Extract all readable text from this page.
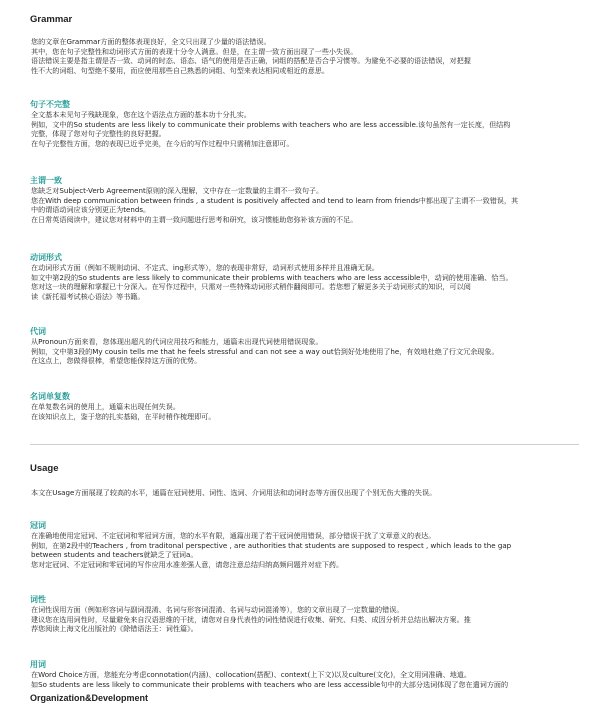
Grammar
您的文章在Grammar方面的整体表现良好，全文只出现了少量的语法错误。
其中，您在句子完整性和动词形式方面的表现十分令人满意。但是，在主谓一致方面出现了一些小失误。
语法错误主要是指主谓是否一致、动词的时态、语态、语气的使用是否正确，词组的搭配是否合乎习惯等。为避免不必要的语法错误，对把握
性不大的词组、句型绝不要用，而应使用那些自己熟悉的词组、句型来表达相同或相近的意思。
句子不完整
全文基本未见句子残缺现象，您在这个语法点方面的基本功十分扎实。
例如，文中的So students are less likely to communicate their problems with teachers who are less accessible.该句虽然有一定长度，但结构
完整，体现了您对句子完整性的良好把握。
在句子完整性方面，您的表现已近乎完美，在今后的写作过程中只需稍加注意即可。
主谓一致
您缺乏对Subject-Verb Agreement原则的深入理解，文中存在一定数量的主谓不一致句子。
您在With deep communication between frinds , a student is positively affected and tend to learn from friends中都出现了主谓不一致错误，其
中的谓语动词应该分别更正为tends。
在日常英语阅读中，建议您对材料中的主谓一致问题进行思考和研究，该习惯能助您弥补该方面的不足。
动词形式
在动词形式方面（例如不规则动词、不定式、ing形式等），您的表现非常好，动词形式使用多样并且准确无误。
如文中第2段的So students are less likely to communicate their problems with teachers who are less accessible中，动词的使用准确、恰当。
您对这一块的理解和掌握已十分深入。在写作过程中，只需对一些特殊动词形式稍作翻阅即可。若您想了解更多关于动词形式的知识，可以阅
读《新托福考试核心语法》等书籍。
代词
从Pronoun方面来看，您体现出超凡的代词应用技巧和能力，通篇未出现代词使用错误现象。
例如，文中第3段的My cousin tells me that he feels stressful and can not see a way out恰到好处地使用了he，有效地杜绝了行文冗余现象。
在这点上，您做得很棒，希望您能保持这方面的优势。
名词单复数
在单复数名词的使用上，通篇未出现任何失误。
在该知识点上，鉴于您的扎实基础，在平时稍作梳理即可。
Usage
本文在Usage方面展现了较高的水平，通篇在冠词使用、词性、选词、介词用法和动词时态等方面仅出现了个别无伤大雅的失误。
冠词
在准确地使用定冠词、不定冠词和零冠词方面，您的水平有限，通篇出现了若干冠词使用错误，部分错误干扰了文章意义的表达。
例如，在第2段中的Teachers , from traditonal perspective , are authorities that students are supposed to respect , which leads to the gap
between students and teachers就缺乏了冠词a。
您对定冠词、不定冠词和零冠词的写作应用水准差强人意，请您注意总结归纳高频问题并对症下药。
词性
在词性误用方面（例如形容词与副词混淆、名词与形容词混淆、名词与动词混淆等），您的文章出现了一定数量的错误。
建议您在选用词性时，尽量避免来自汉语思维的干扰，请您对自身代表性的词性错误进行收集、研究、归类、成因分析并总结出解决方案。推
荐您阅读上海文化出版社的《除错语法王：词性篇》。
用词
在Word Choice方面，您能充分考虑connotation(内涵)、collocation(搭配)、context(上下文)以及culture(文化)，全文用词准确、地道。
如So students are less likely to communicate their problems with teachers who are less accessible句中的大部分选词体现了您在遣词方面的
Organization&Development
